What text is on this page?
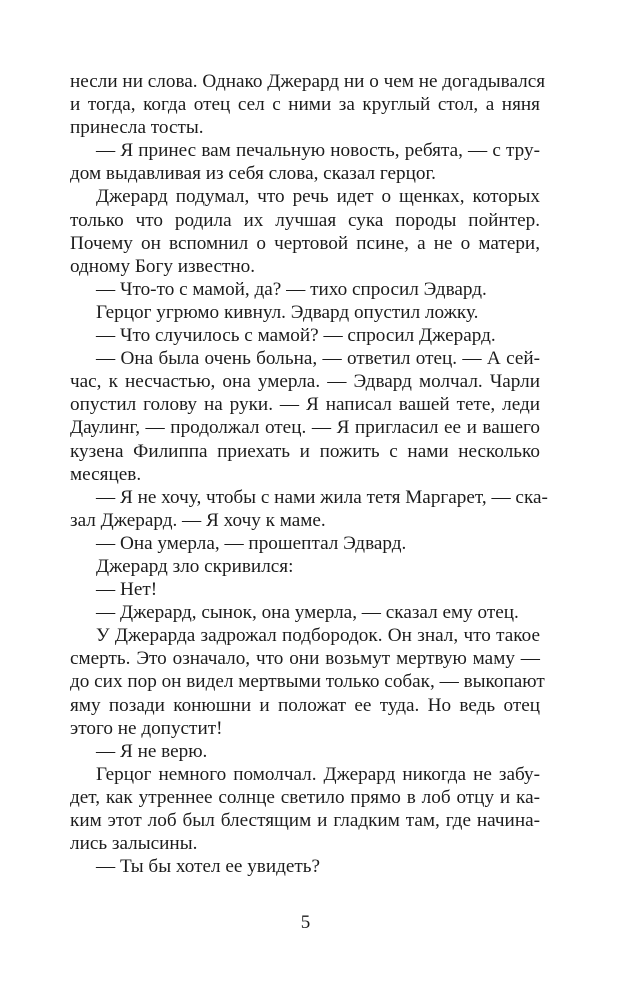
несли ни слова. Однако Джерард ни о чем не догадывался
и тогда, когда отец сел с ними за круглый стол, а няня
принесла тосты.
— Я принес вам печальную новость, ребята, — с тру-
дом выдавливая из себя слова, сказал герцог.
Джерард подумал, что речь идет о щенках, которых
только что родила их лучшая сука породы пойнтер.
Почему он вспомнил о чертовой псине, а не о матери,
одному Богу известно.
— Что-то с мамой, да? — тихо спросил Эдвард.
Герцог угрюмо кивнул. Эдвард опустил ложку.
— Что случилось с мамой? — спросил Джерард.
— Она была очень больна, — ответил отец. — А сей-
час, к несчастью, она умерла. — Эдвард молчал. Чарли
опустил голову на руки. — Я написал вашей тете, леди
Даулинг, — продолжал отец. — Я пригласил ее и вашего
кузена Филиппа приехать и пожить с нами несколько
месяцев.
— Я не хочу, чтобы с нами жила тетя Маргарет, — ска-
зал Джерард. — Я хочу к маме.
— Она умерла, — прошептал Эдвард.
Джерард зло скривился:
— Нет!
— Джерард, сынок, она умерла, — сказал ему отец.
У Джерарда задрожал подбородок. Он знал, что такое
смерть. Это означало, что они возьмут мертвую маму —
до сих пор он видел мертвыми только собак, — выкопают
яму позади конюшни и положат ее туда. Но ведь отец
этого не допустит!
— Я не верю.
Герцог немного помолчал. Джерард никогда не забу-
дет, как утреннее солнце светило прямо в лоб отцу и ка-
ким этот лоб был блестящим и гладким там, где начина-
лись залысины.
— Ты бы хотел ее увидеть?
5
